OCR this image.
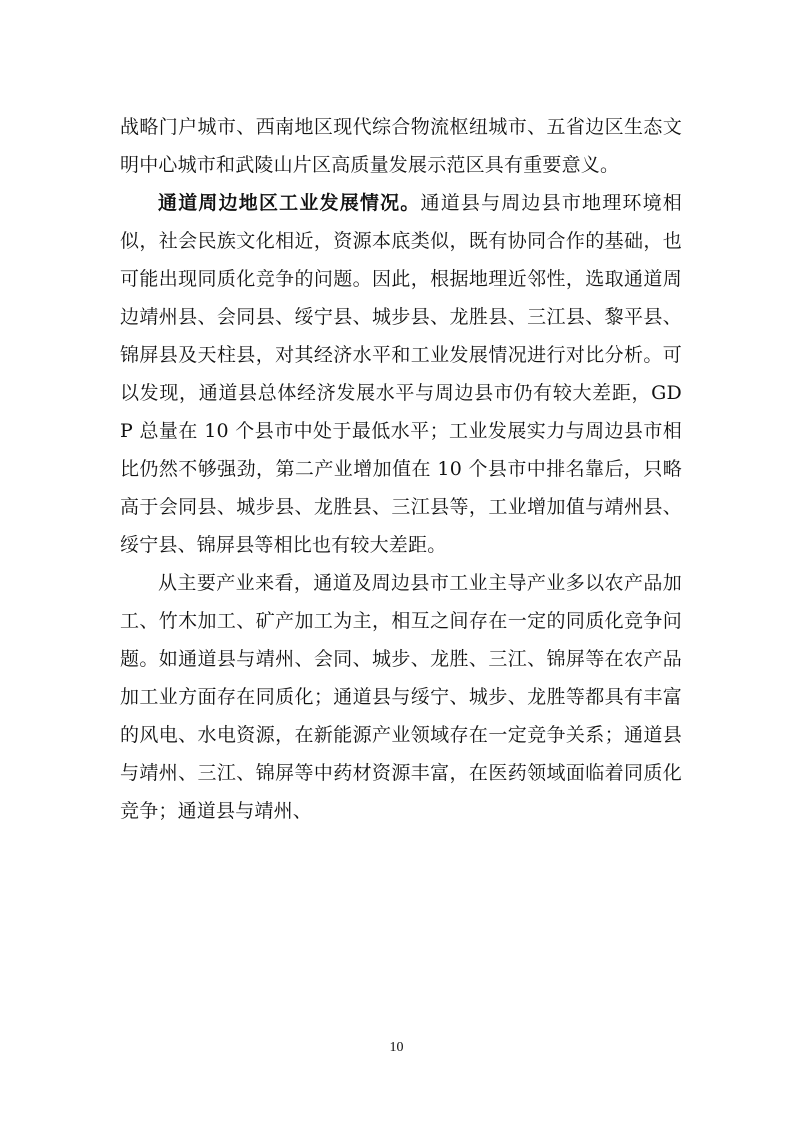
战略门户城市、西南地区现代综合物流枢纽城市、五省边区生态文明中心城市和武陵山片区高质量发展示范区具有重要意义。

通道周边地区工业发展情况。通道县与周边县市地理环境相似，社会民族文化相近，资源本底类似，既有协同合作的基础，也可能出现同质化竞争的问题。因此，根据地理近邻性，选取通道周边靖州县、会同县、绥宁县、城步县、龙胜县、三江县、黎平县、锦屏县及天柱县，对其经济水平和工业发展情况进行对比分析。可以发现，通道县总体经济发展水平与周边县市仍有较大差距，GDP 总量在 10 个县市中处于最低水平；工业发展实力与周边县市相比仍然不够强劲，第二产业增加值在 10 个县市中排名靠后，只略高于会同县、城步县、龙胜县、三江县等，工业增加值与靖州县、绥宁县、锦屏县等相比也有较大差距。

从主要产业来看，通道及周边县市工业主导产业多以农产品加工、竹木加工、矿产加工为主，相互之间存在一定的同质化竞争问题。如通道县与靖州、会同、城步、龙胜、三江、锦屏等在农产品加工业方面存在同质化；通道县与绥宁、城步、龙胜等都具有丰富的风电、水电资源，在新能源产业领域存在一定竞争关系；通道县与靖州、三江、锦屏等中药材资源丰富，在医药领域面临着同质化竞争；通道县与靖州、

10
